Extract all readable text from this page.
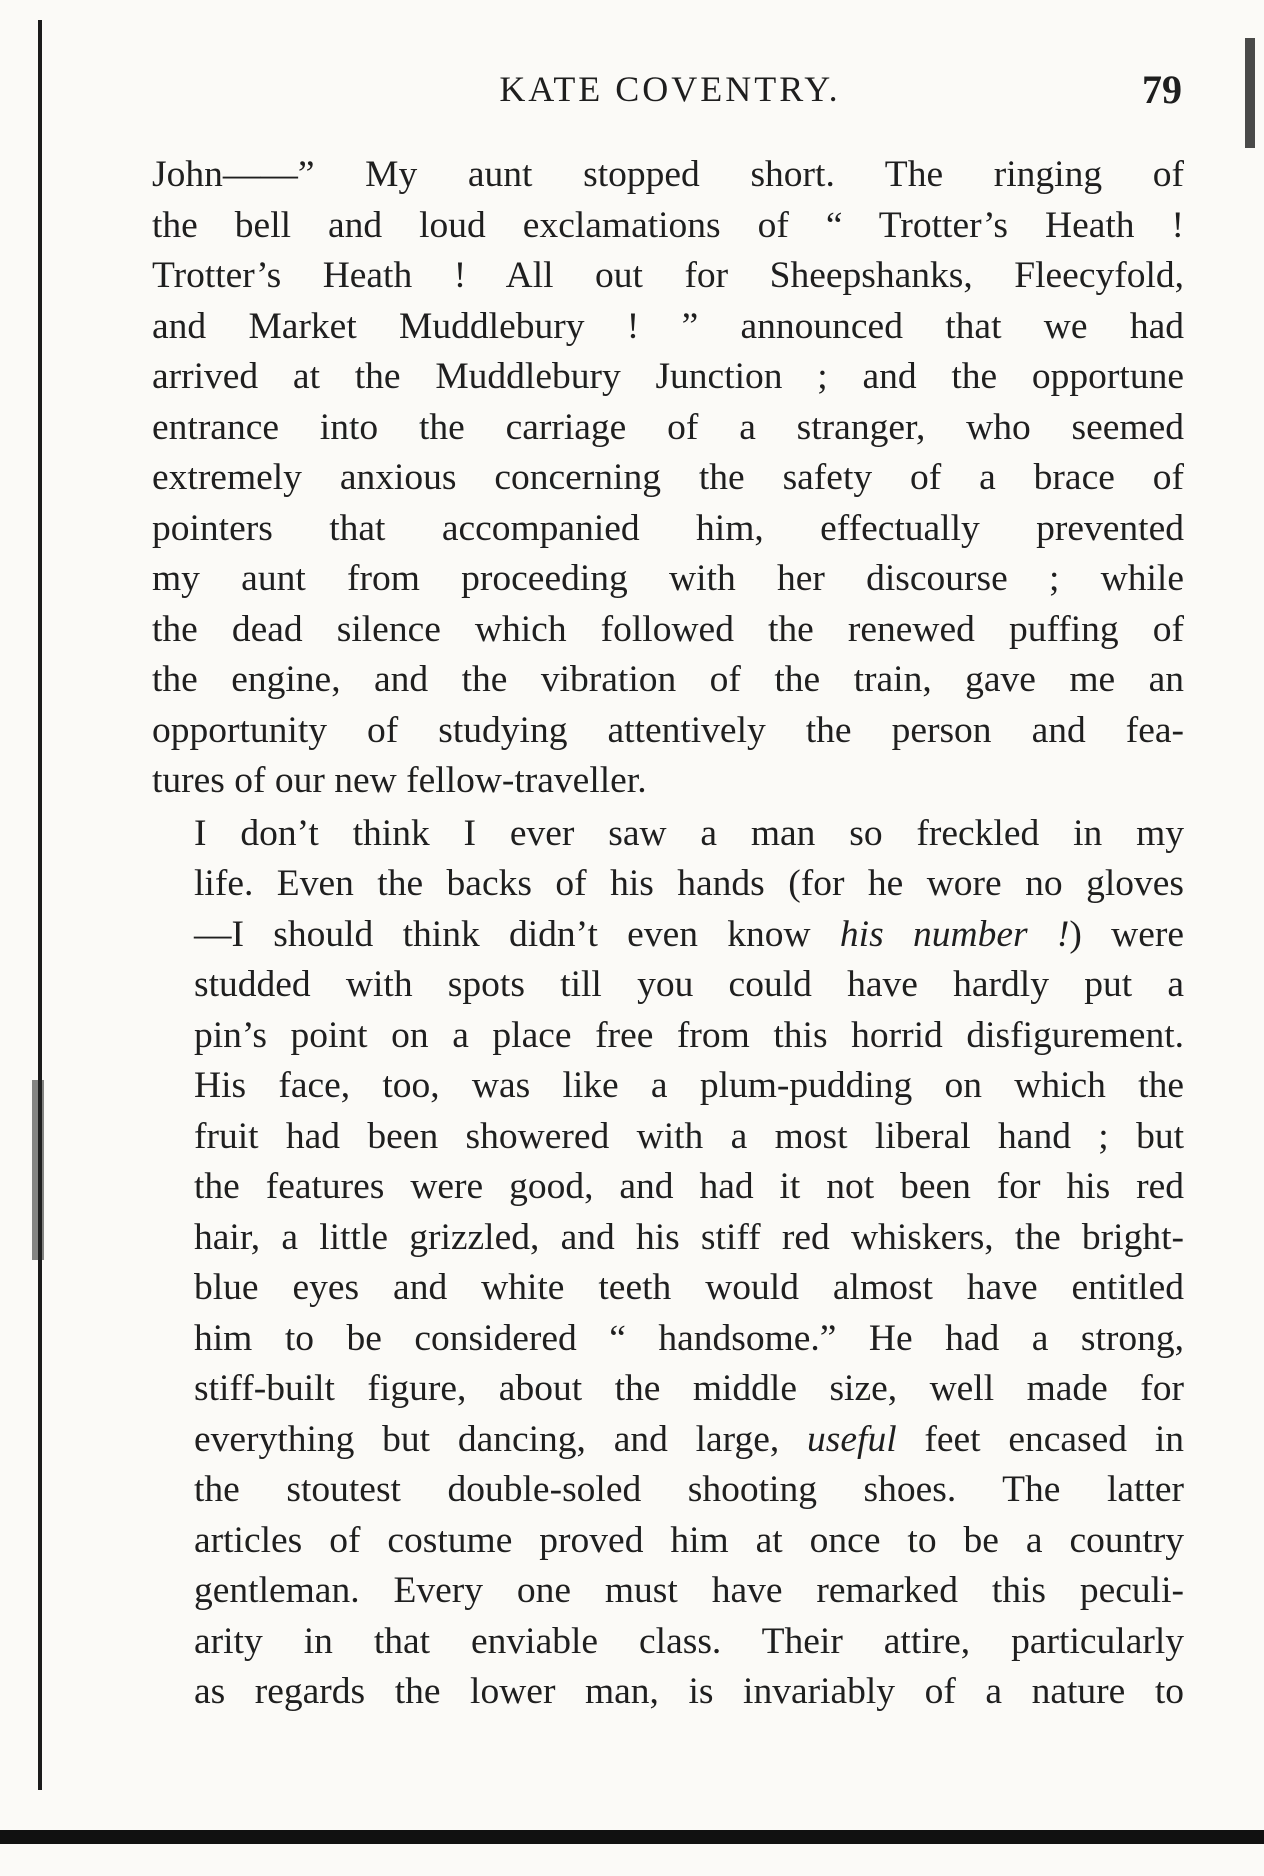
KATE COVENTRY.	79

John——” My aunt stopped short. The ringing of
the bell and loud exclamations of “ Trotter’s Heath !
Trotter’s Heath ! All out for Sheepshanks, Fleecyfold,
and Market Muddlebury ! ” announced that we had
arrived at the Muddlebury Junction ; and the opportune
entrance into the carriage of a stranger, who seemed
extremely anxious concerning the safety of a brace of
pointers that accompanied him, effectually prevented
my aunt from proceeding with her discourse ; while
the dead silence which followed the renewed puffing of
the engine, and the vibration of the train, gave me an
opportunity of studying attentively the person and fea-
tures of our new fellow-traveller.

I don’t think I ever saw a man so freckled in my
life. Even the backs of his hands (for he wore no gloves
—I should think didn’t even know his number !) were
studded with spots till you could have hardly put a
pin’s point on a place free from this horrid disfigurement.
His face, too, was like a plum-pudding on which the
fruit had been showered with a most liberal hand ; but
the features were good, and had it not been for his red
hair, a little grizzled, and his stiff red whiskers, the bright-
blue eyes and white teeth would almost have entitled
him to be considered “ handsome.” He had a strong,
stiff-built figure, about the middle size, well made for
everything but dancing, and large, useful feet encased in
the stoutest double-soled shooting shoes. The latter
articles of costume proved him at once to be a country
gentleman. Every one must have remarked this peculi-
arity in that enviable class. Their attire, particularly
as regards the lower man, is invariably of a nature to
